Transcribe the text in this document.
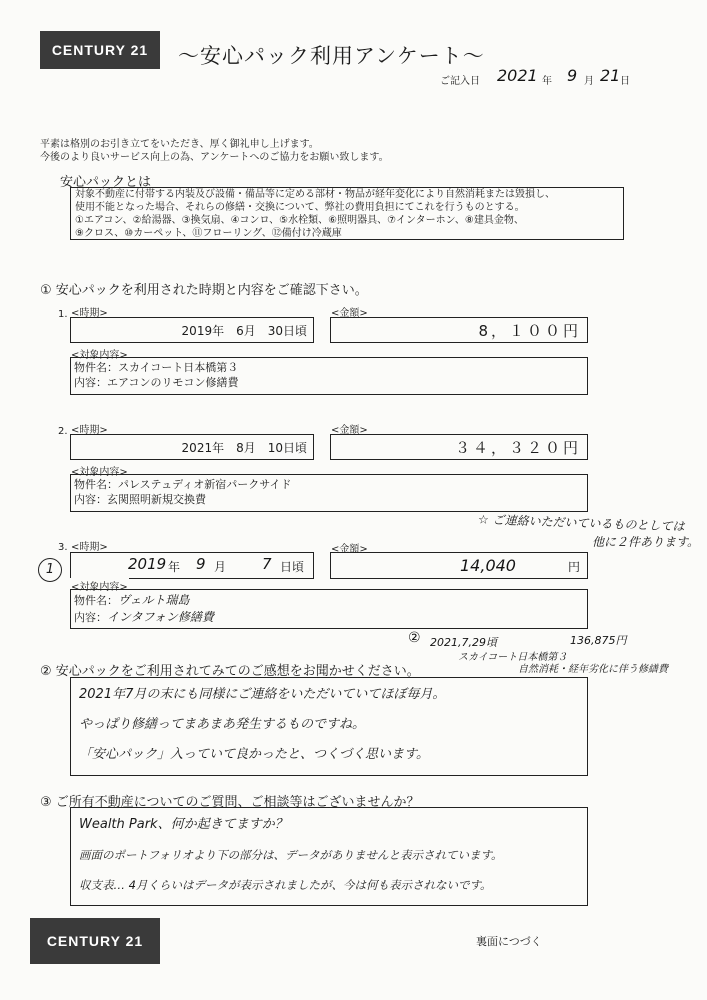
CENTURY 21	～安心パック利用アンケート～
ご記入日 2021 年 9 月 21 日
平素は格別のお引き立てをいただき、厚く御礼申し上げます。
今後のより良いサービス向上の為、アンケートへのご協力をお願い致します。
安心パックとは
対象不動産に付帯する内装及び設備・備品等に定める部材・物品が経年変化により自然消耗または毀損し、
使用不能となった場合、それらの修繕・交換について、弊社の費用負担にてこれを行うものとする。
①エアコン、②給湯器、③換気扇、④コンロ、⑤水栓類、⑥照明器具、⑦インターホン、⑧建具金物、
⑨クロス、⑩カーペット、⑪フローリング、⑫備付け冷蔵庫
① 安心パックを利用された時期と内容をご確認下さい。
1. <時期>
2019年　6月　30日頃
<金額>
8，１００円
<対象内容>
物件名：スカイコート日本橋第３
内容：エアコンのリモコン修繕費
2. <時期>
2021年　8月　10日頃
<金額>
３４，３２０円
<対象内容>
物件名：パレステュディオ新宿パークサイド
内容：玄関照明新規交換費
☆ ご連絡いただいているものとしては
他に２件あります。
3. <時期>
1	2019 年 9 月 7 日頃
<金額>
14,040	円
<対象内容>
物件名：ヴェルト瑞島
内容：インタフォン修繕費
② 2021,7,29頃	136,875円
スカイコート日本橋第３
自然消耗・経年劣化に伴う修繕費
② 安心パックをご利用されてみてのご感想をお聞かせください。
2021年7月の末にも同様にご連絡をいただいていてほぼ毎月。
やっぱり修繕ってまあまあ発生するものですね。
「安心パック」入っていて良かったと、つくづく思います。
③ ご所有不動産についてのご質問、ご相談等はございませんか？
Wealth Park、何か起きてますか？
画面のポートフォリオより下の部分は、データがありませんと表示されています。
収支表… 4月くらいはデータが表示されましたが、今は何も表示されないです。
CENTURY 21	裏面につづく
